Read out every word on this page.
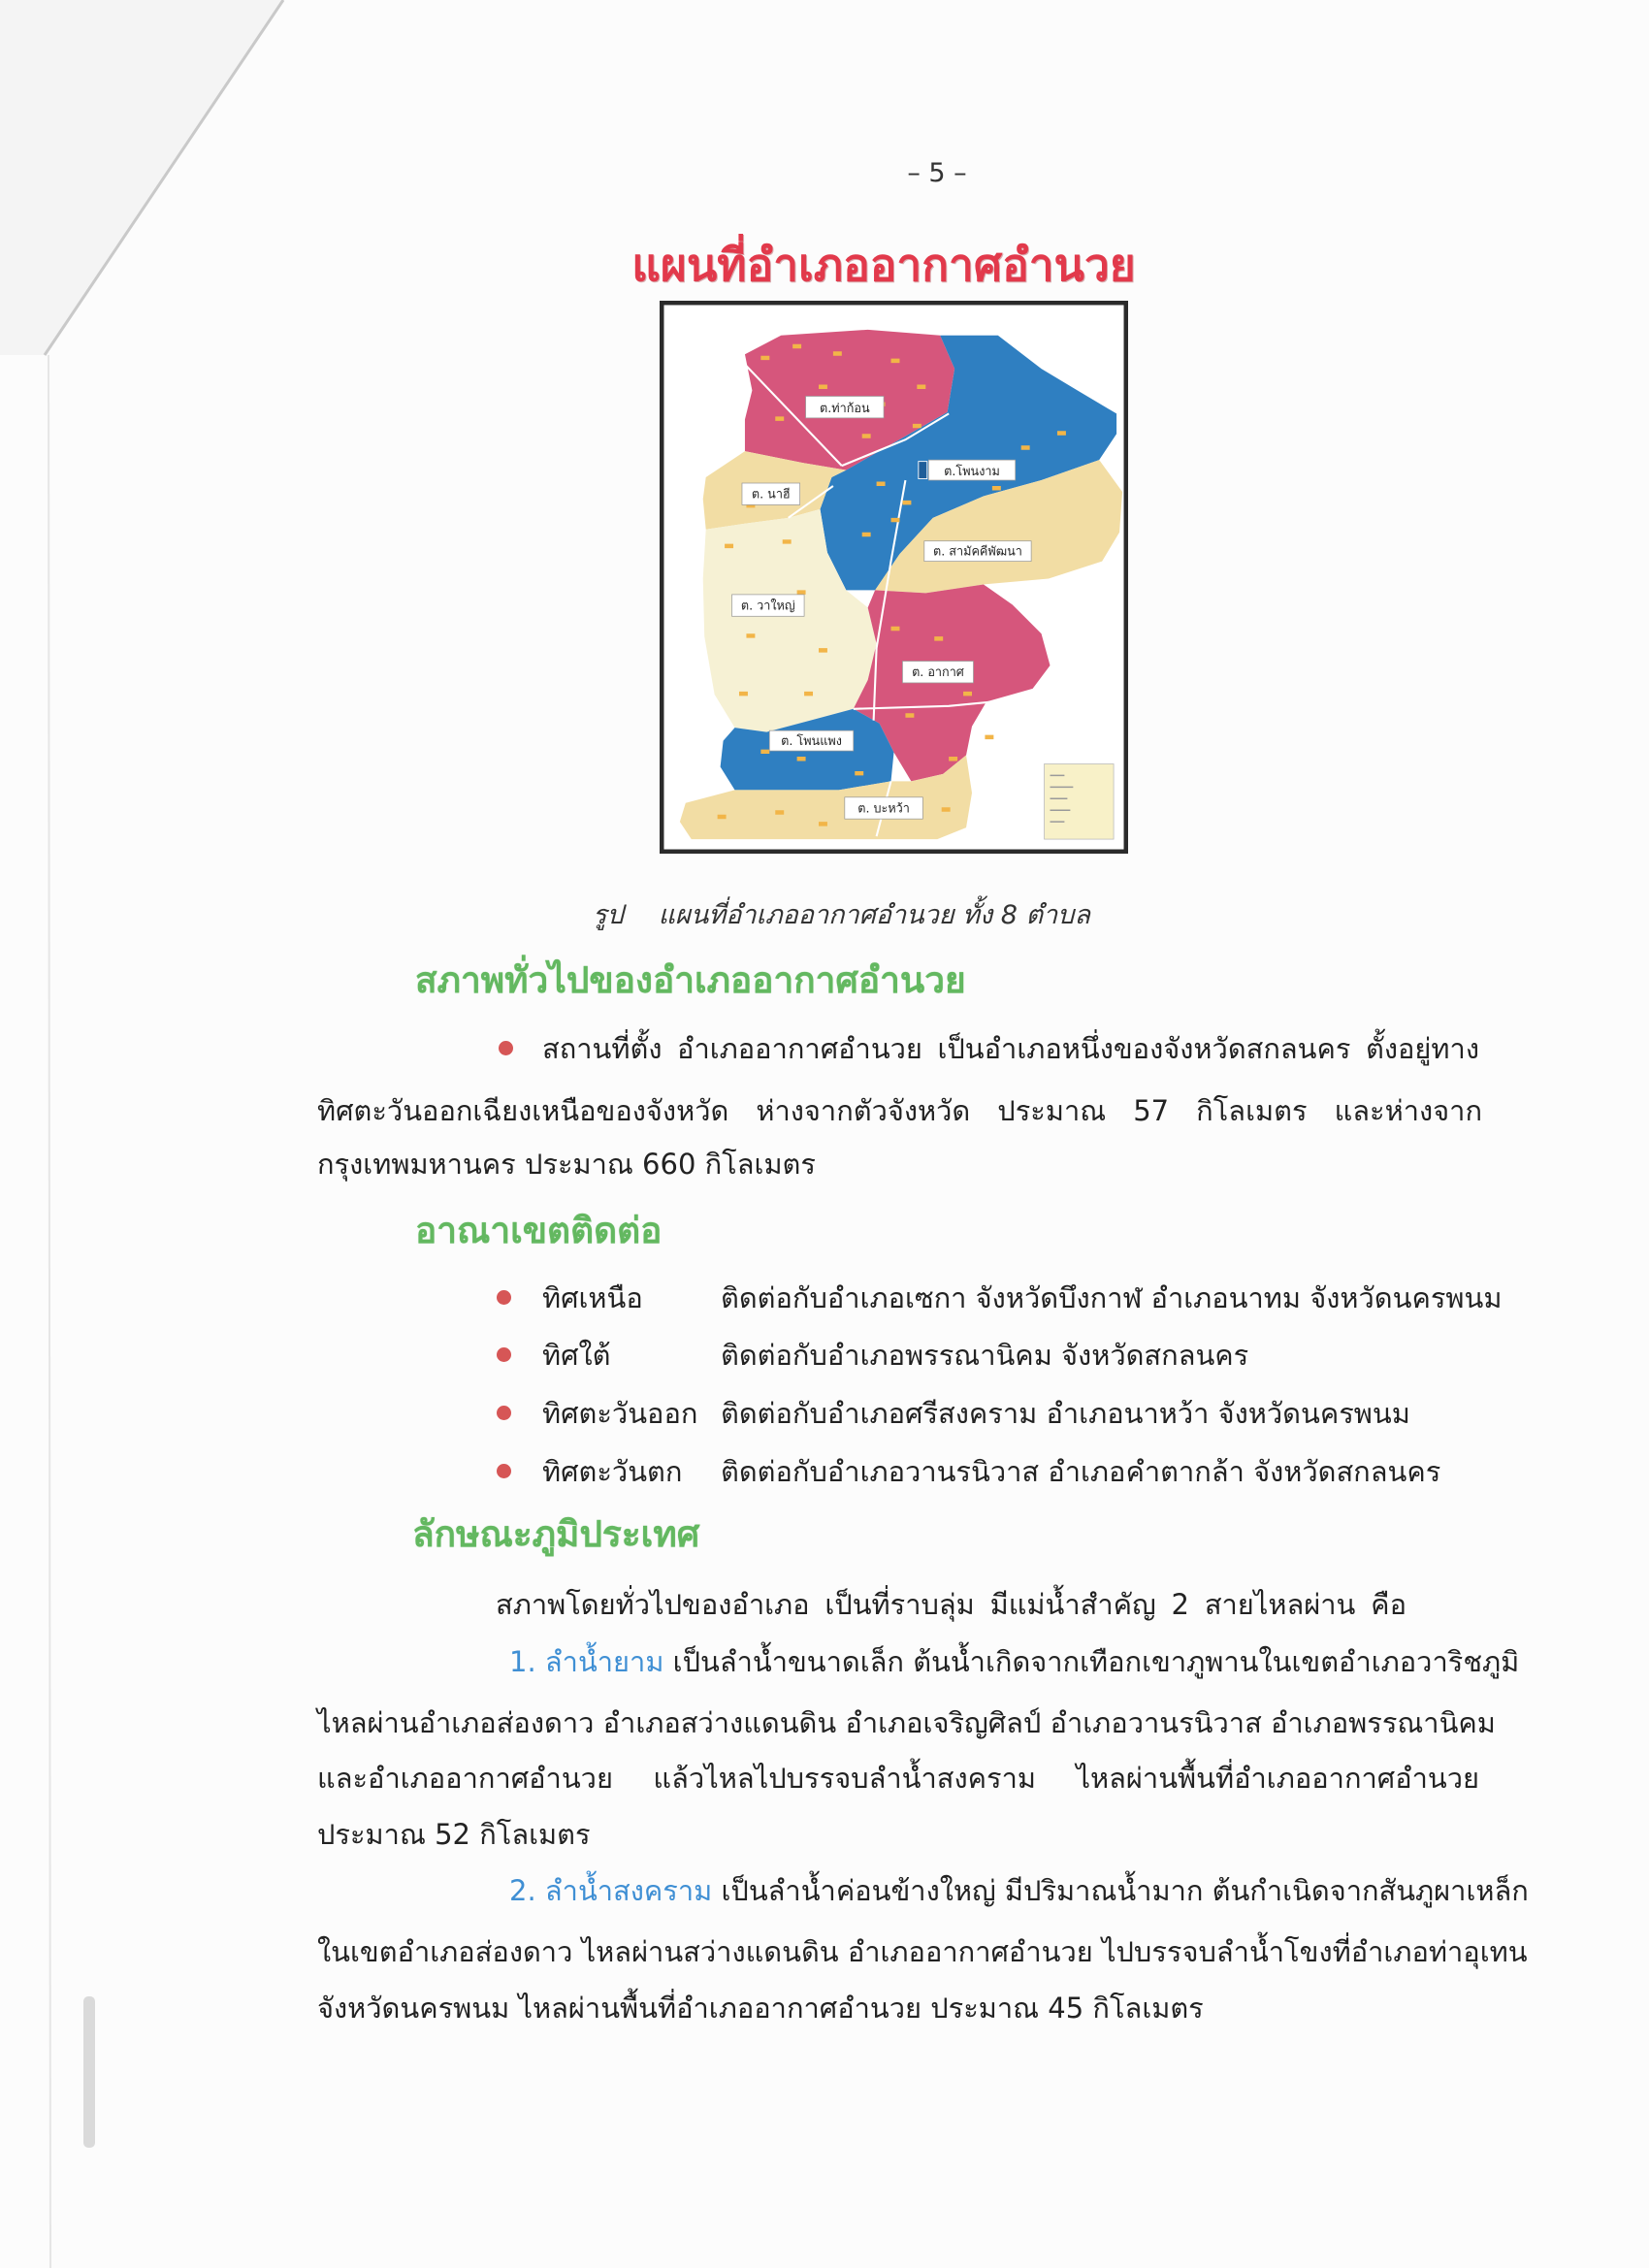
– 5 –
แผนที่อำเภออากาศอำนวย
ต.ท่าก้อน
ต.โพนงาม
ต. นาฮี
ต. สามัคคีพัฒนา
ต. วาใหญ่
ต. อากาศ
ต. โพนแพง
ต. บะหว้า
รูป แผนที่อำเภออากาศอำนวย ทั้ง 8 ตำบล
สภาพทั่วไปของอำเภออากาศอำนวย
สถานที่ตั้ง อำเภออากาศอำนวย เป็นอำเภอหนึ่งของจังหวัดสกลนคร ตั้งอยู่ทาง
ทิศตะวันออกเฉียงเหนือของจังหวัด ห่างจากตัวจังหวัด ประมาณ 57 กิโลเมตร และห่างจาก
กรุงเทพมหานคร ประมาณ 660 กิโลเมตร
อาณาเขตติดต่อ
ทิศเหนือ	ติดต่อกับอำเภอเซกา จังหวัดบึงกาฬ อำเภอนาทม จังหวัดนครพนม
ทิศใต้	ติดต่อกับอำเภอพรรณานิคม จังหวัดสกลนคร
ทิศตะวันออก ติดต่อกับอำเภอศรีสงคราม อำเภอนาหว้า จังหวัดนครพนม
ทิศตะวันตก ติดต่อกับอำเภอวานรนิวาส อำเภอคำตากล้า จังหวัดสกลนคร
ลักษณะภูมิประเทศ
สภาพโดยทั่วไปของอำเภอ เป็นที่ราบลุ่ม มีแม่น้ำสำคัญ 2 สายไหลผ่าน คือ
1. ลำน้ำยาม เป็นลำน้ำขนาดเล็ก ต้นน้ำเกิดจากเทือกเขาภูพานในเขตอำเภอวาริชภูมิ
ไหลผ่านอำเภอส่องดาว อำเภอสว่างแดนดิน อำเภอเจริญศิลป์ อำเภอวานรนิวาส อำเภอพรรณานิคม
และอำเภออากาศอำนวย แล้วไหลไปบรรจบลำน้ำสงคราม ไหลผ่านพื้นที่อำเภออากาศอำนวย
ประมาณ 52 กิโลเมตร
2. ลำน้ำสงคราม เป็นลำน้ำค่อนข้างใหญ่ มีปริมาณน้ำมาก ต้นกำเนิดจากสันภูผาเหล็ก
ในเขตอำเภอส่องดาว ไหลผ่านสว่างแดนดิน อำเภออากาศอำนวย ไปบรรจบลำน้ำโขงที่อำเภอท่าอุเทน
จังหวัดนครพนม ไหลผ่านพื้นที่อำเภออากาศอำนวย ประมาณ 45 กิโลเมตร
